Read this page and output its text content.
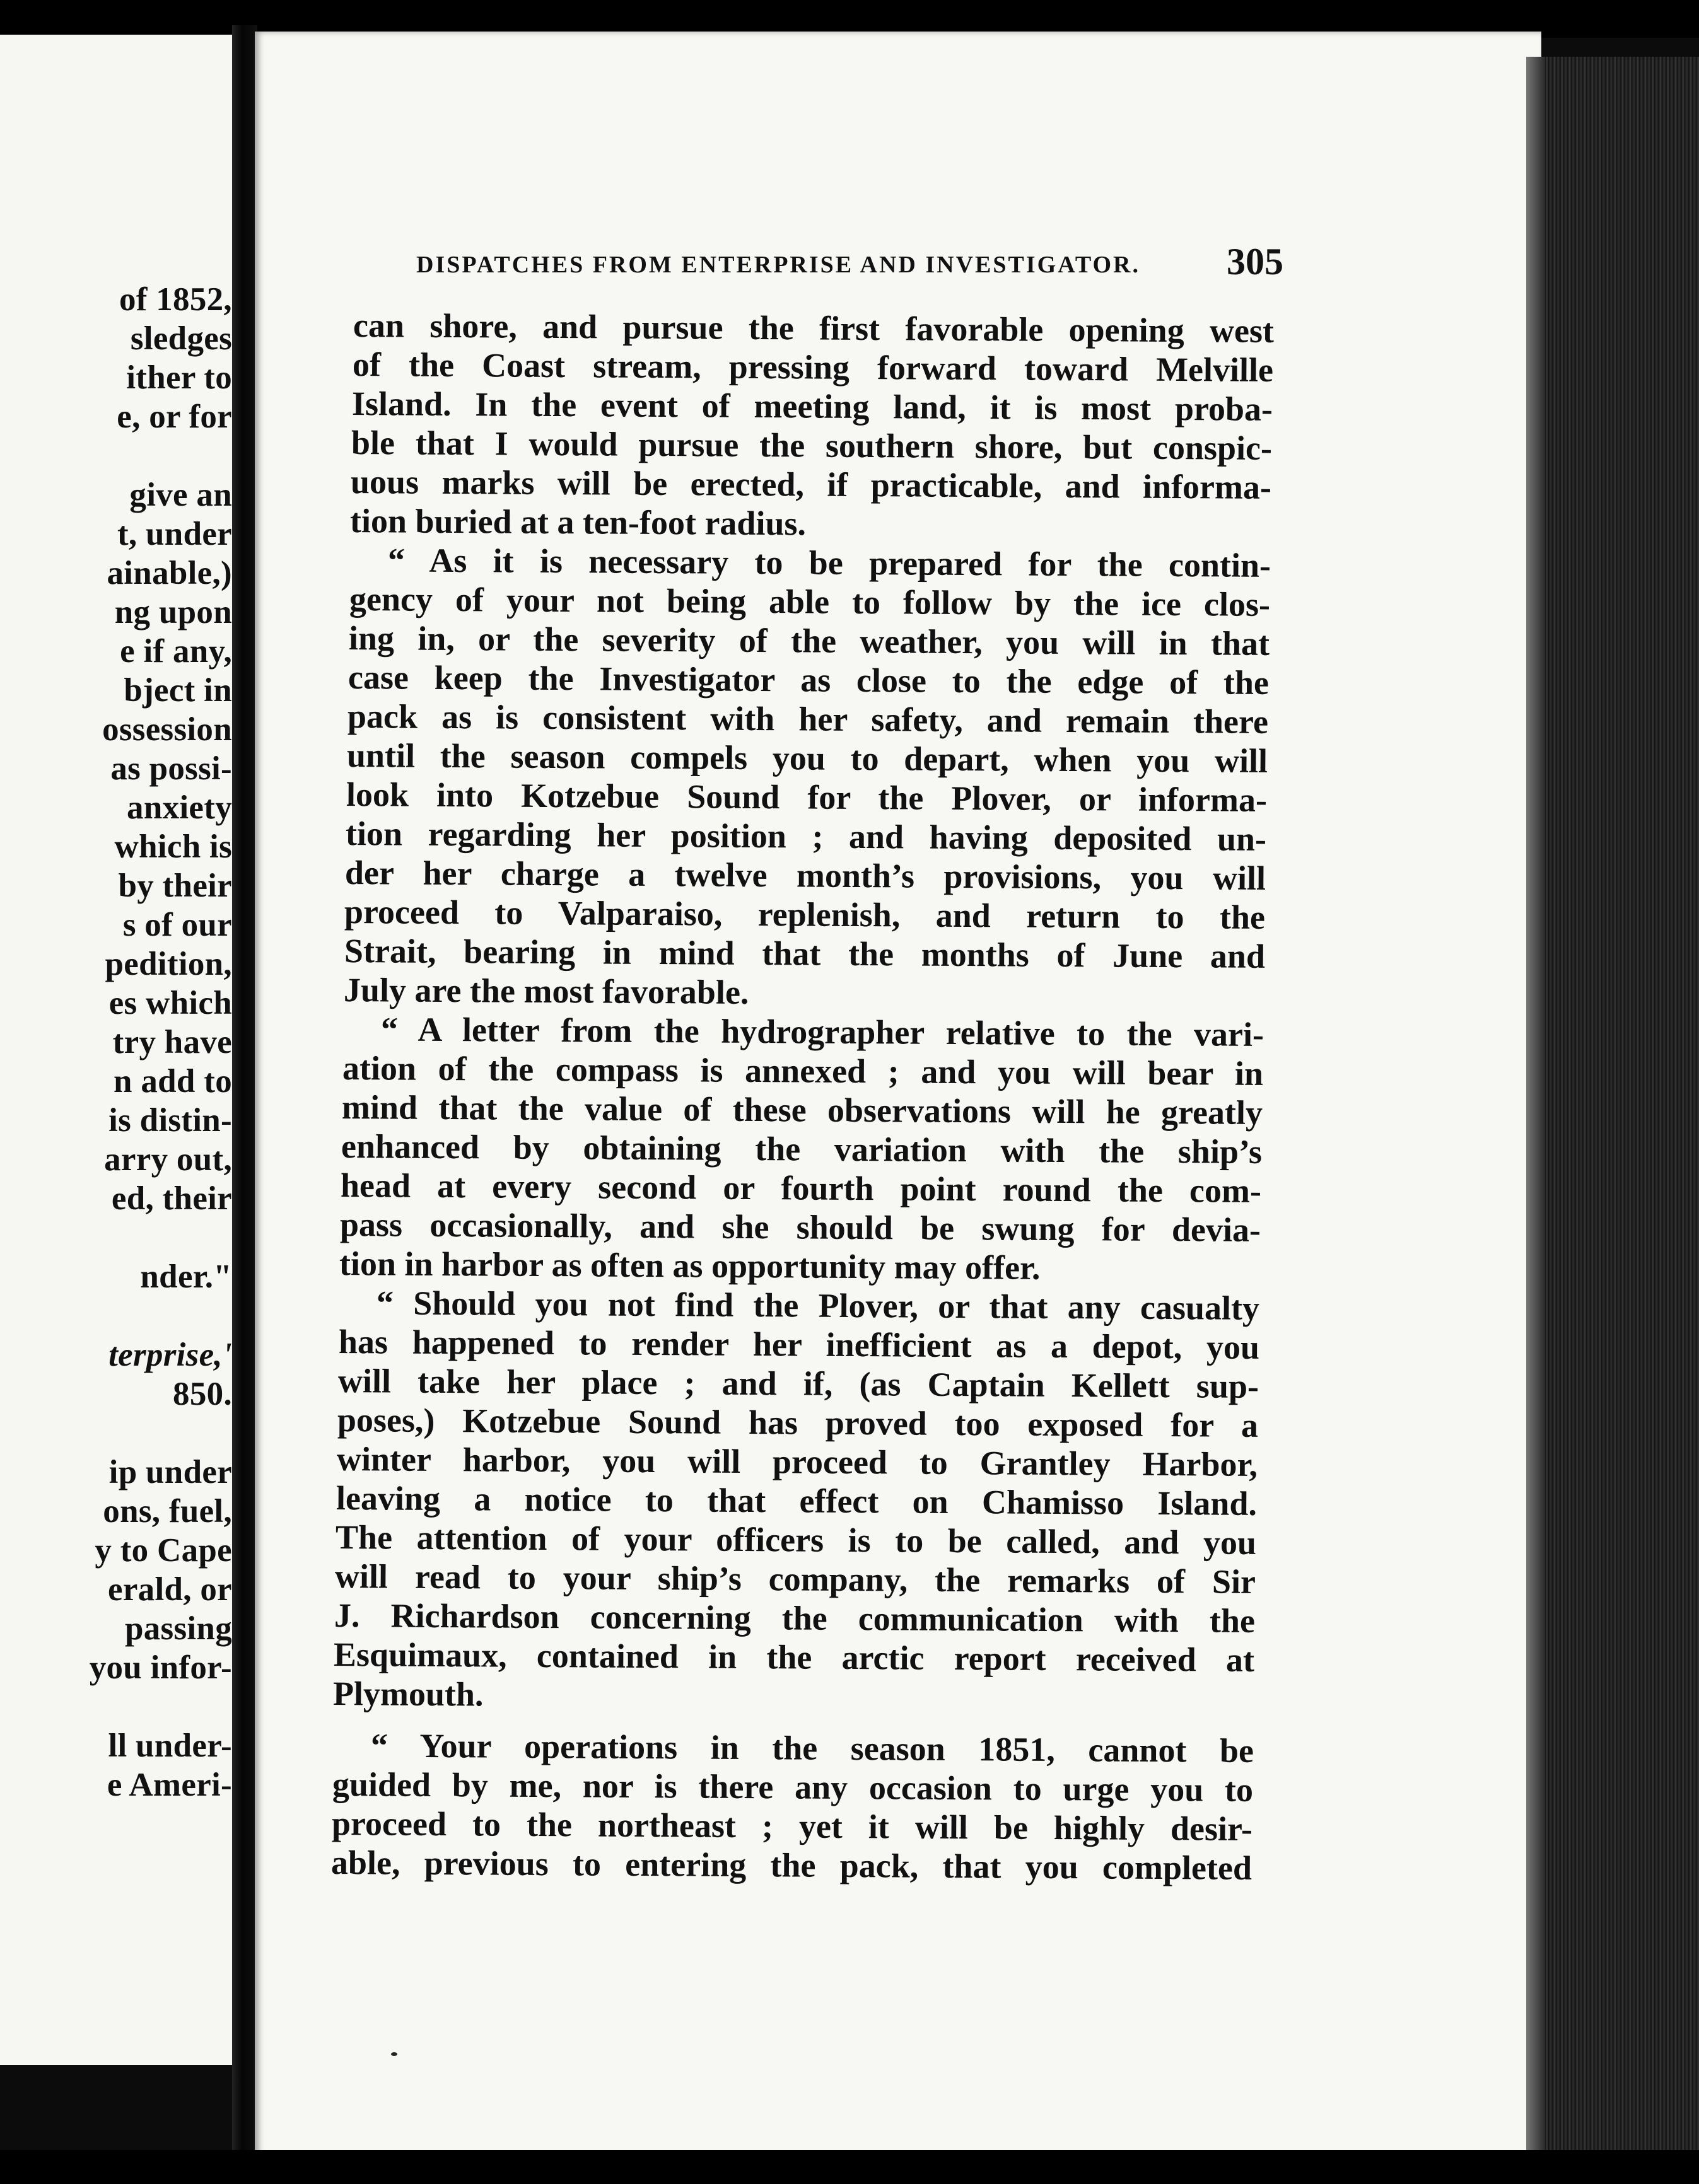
of 1852,
sledges
ither to
e, or for
give an
t, under
ainable,)
ng upon
e if any,
bject in
ossession
as possi-
anxiety
which is
by their
s of our
pedition,
es which
try have
n add to
is distin-
arry out,
ed, their
nder."
terprise,'
850.
ip under
ons, fuel,
y to Cape
erald, or
passing
you infor-
ll under-
e Ameri-
DISPATCHES FROM ENTERPRISE AND INVESTIGATOR.	305
can shore, and pursue the first favorable opening west
of the Coast stream, pressing forward toward Melville
Island. In the event of meeting land, it is most proba-
ble that I would pursue the southern shore, but conspic-
uous marks will be erected, if practicable, and informa-
tion buried at a ten-foot radius.
“ As it is necessary to be prepared for the contin-
gency of your not being able to follow by the ice clos-
ing in, or the severity of the weather, you will in that
case keep the Investigator as close to the edge of the
pack as is consistent with her safety, and remain there
until the season compels you to depart, when you will
look into Kotzebue Sound for the Plover, or informa-
tion regarding her position ; and having deposited un-
der her charge a twelve month’s provisions, you will
proceed to Valparaiso, replenish, and return to the
Strait, bearing in mind that the months of June and
July are the most favorable.
“ A letter from the hydrographer relative to the vari-
ation of the compass is annexed ; and you will bear in
mind that the value of these observations will he greatly
enhanced by obtaining the variation with the ship’s
head at every second or fourth point round the com-
pass occasionally, and she should be swung for devia-
tion in harbor as often as opportunity may offer.
“ Should you not find the Plover, or that any casualty
has happened to render her inefficient as a depot, you
will take her place ; and if, (as Captain Kellett sup-
poses,) Kotzebue Sound has proved too exposed for a
winter harbor, you will proceed to Grantley Harbor,
leaving a notice to that effect on Chamisso Island.
The attention of your officers is to be called, and you
will read to your ship’s company, the remarks of Sir
J. Richardson concerning the communication with the
Esquimaux, contained in the arctic report received at
Plymouth.
“ Your operations in the season 1851, cannot be
guided by me, nor is there any occasion to urge you to
proceed to the northeast ; yet it will be highly desir-
able, previous to entering the pack, that you completed
